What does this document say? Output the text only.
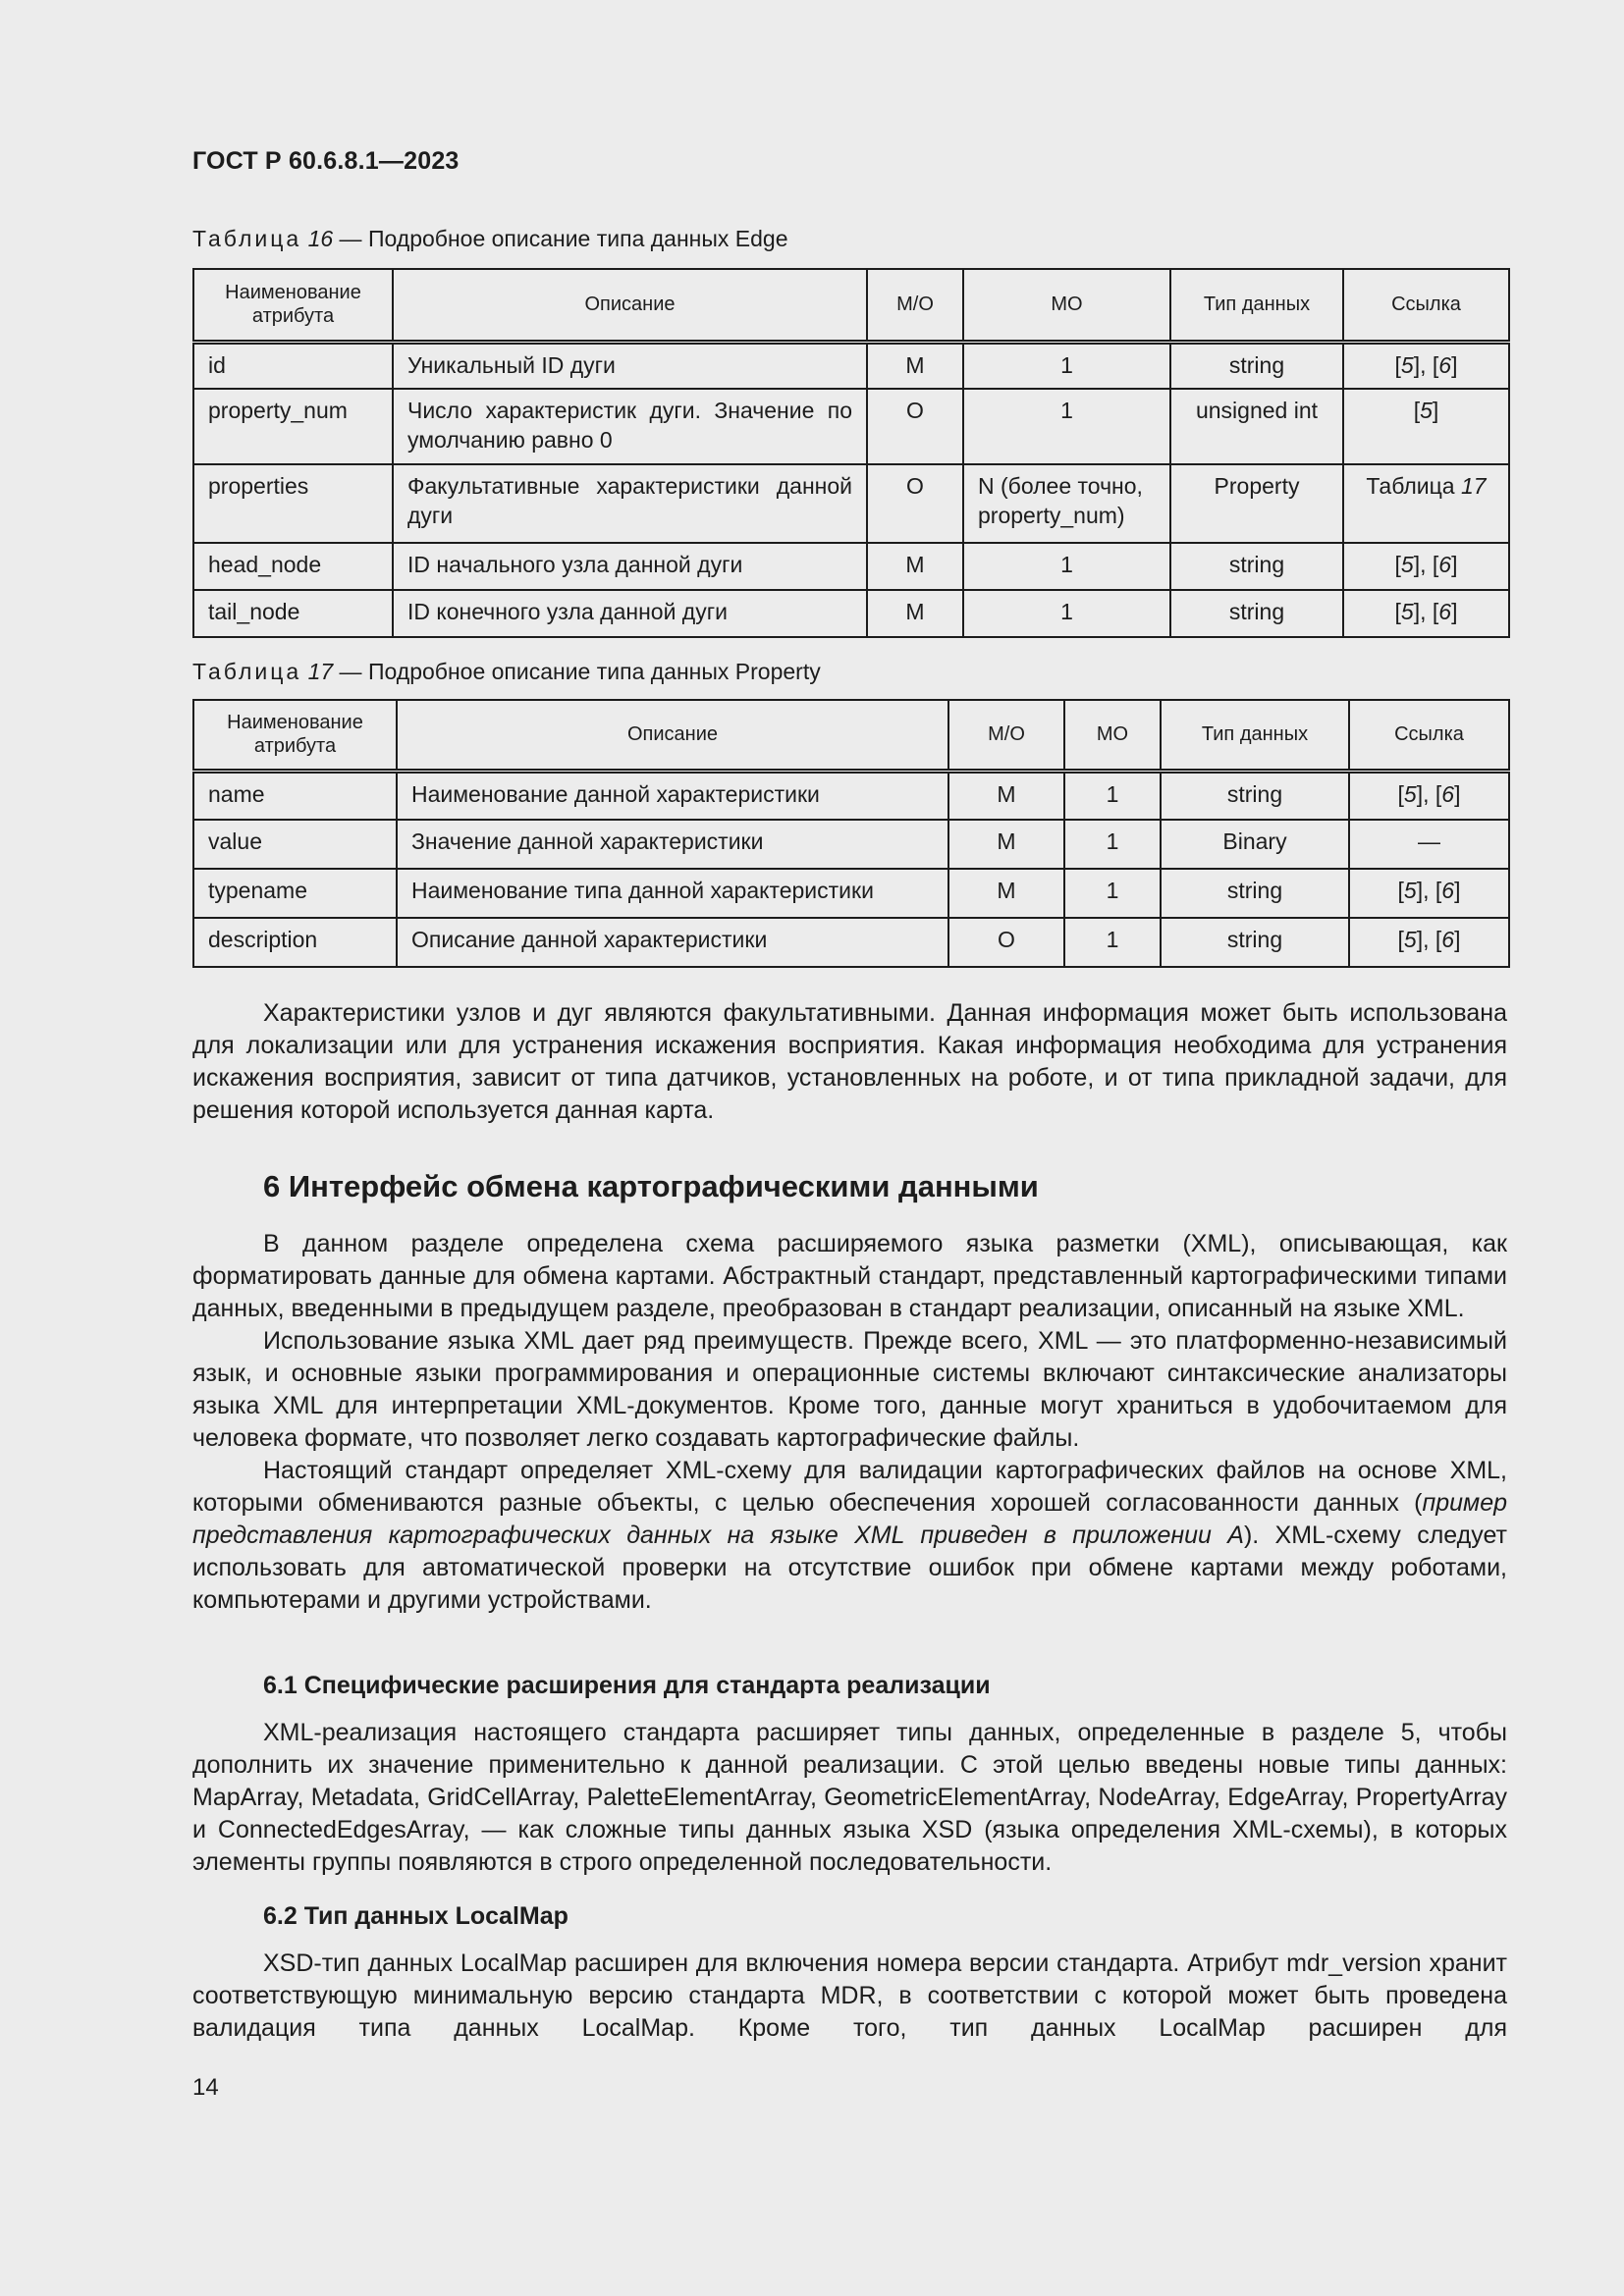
ГОСТ Р 60.6.8.1—2023
Таблица 16 — Подробное описание типа данных Edge
Наименование атрибута	Описание	М/О	МО	Тип данных	Ссылка
id	Уникальный ID дуги	M	1	string	[5], [6]
property_num	Число характеристик дуги. Значение по умолчанию равно 0	O	1	unsigned int	[5]
properties	Факультативные характеристики данной дуги	O	N (более точно, property_num)	Property	Таблица 17
head_node	ID начального узла данной дуги	M	1	string	[5], [6]
tail_node	ID конечного узла данной дуги	M	1	string	[5], [6]
Таблица 17 — Подробное описание типа данных Property
Наименование атрибута	Описание	М/О	МО	Тип данных	Ссылка
name	Наименование данной характеристики	M	1	string	[5], [6]
value	Значение данной характеристики	M	1	Binary	—
typename	Наименование типа данной характеристики	M	1	string	[5], [6]
description	Описание данной характеристики	O	1	string	[5], [6]

Характеристики узлов и дуг являются факультативными. Данная информация может быть использована для локализации или для устранения искажения восприятия. Какая информация необходима для устранения искажения восприятия, зависит от типа датчиков, установленных на роботе, и от типа прикладной задачи, для решения которой используется данная карта.

6 Интерфейс обмена картографическими данными

В данном разделе определена схема расширяемого языка разметки (XML), описывающая, как форматировать данные для обмена картами. Абстрактный стандарт, представленный картографическими типами данных, введенными в предыдущем разделе, преобразован в стандарт реализации, описанный на языке XML.

Использование языка XML дает ряд преимуществ. Прежде всего, XML — это платформенно-независимый язык, и основные языки программирования и операционные системы включают синтаксические анализаторы языка XML для интерпретации XML-документов. Кроме того, данные могут храниться в удобочитаемом для человека формате, что позволяет легко создавать картографические файлы.

Настоящий стандарт определяет XML-схему для валидации картографических файлов на основе XML, которыми обмениваются разные объекты, с целью обеспечения хорошей согласованности данных (пример представления картографических данных на языке XML приведен в приложении А). XML-схему следует использовать для автоматической проверки на отсутствие ошибок при обмене картами между роботами, компьютерами и другими устройствами.

6.1 Специфические расширения для стандарта реализации

XML-реализация настоящего стандарта расширяет типы данных, определенные в разделе 5, чтобы дополнить их значение применительно к данной реализации. С этой целью введены новые типы данных: MapArray, Metadata, GridCellArray, PaletteElementArray, GeometricElementArray, NodeArray, EdgeArray, PropertyArray и ConnectedEdgesArray, — как сложные типы данных языка XSD (языка определения XML-схемы), в которых элементы группы появляются в строго определенной последовательности.

6.2 Тип данных LocalMap

XSD-тип данных LocalMap расширен для включения номера версии стандарта. Атрибут mdr_version хранит соответствующую минимальную версию стандарта MDR, в соответствии с которой может быть проведена валидация типа данных LocalMap. Кроме того, тип данных LocalMap расширен для

14
